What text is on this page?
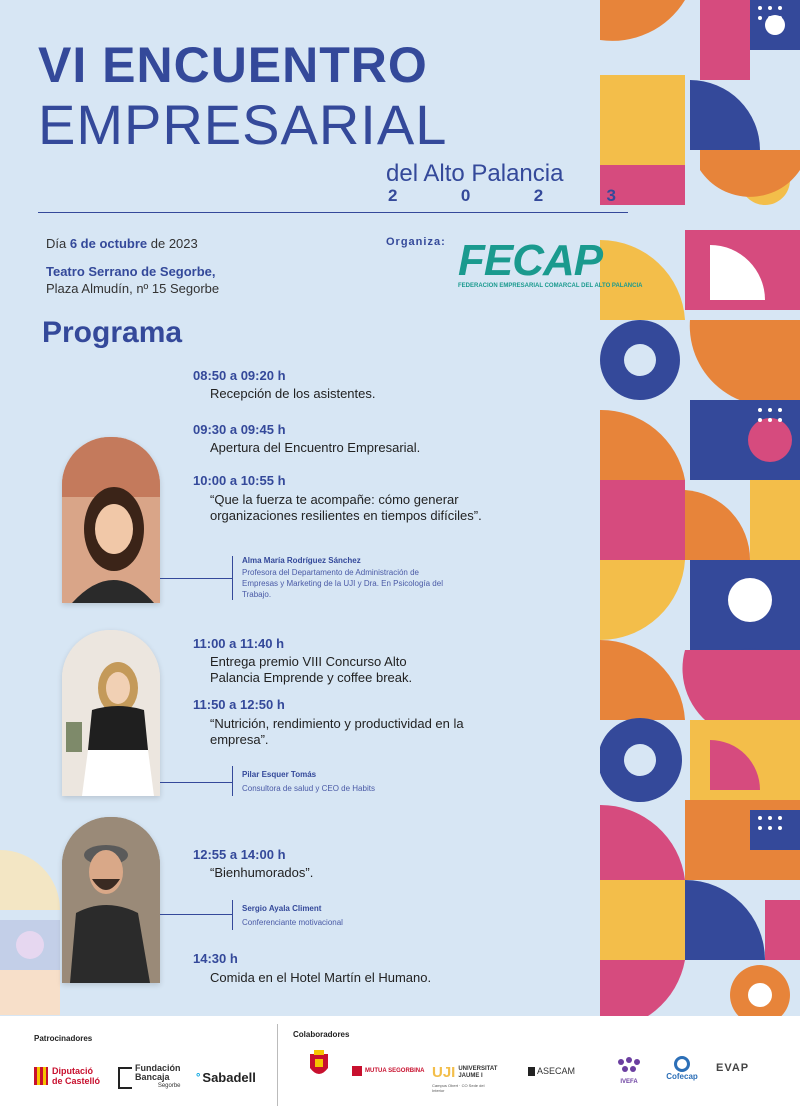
VI ENCUENTRO
EMPRESARIAL
del Alto Palancia
2	0	2	3
Día 6 de octubre de 2023
Teatro Serrano de Segorbe,
Plaza Almudín, nº 15 Segorbe
Organiza: FECAP
FEDERACION EMPRESARIAL COMARCAL DEL ALTO PALANCIA
Programa
08:50 a 09:20 h
Recepción de los asistentes.
09:30 a 09:45 h
Apertura del Encuentro Empresarial.
10:00 a 10:55 h
“Que la fuerza te acompañe: cómo generar organizaciones resilientes en tiempos difíciles”.
11:00 a 11:40 h
Entrega premio VIII Concurso Alto Palancia Emprende y coffee break.
11:50 a 12:50 h
“Nutrición, rendimiento y productividad en la empresa”.
12:55 a 14:00 h
“Bienhumorados”.
14:30 h
Comida en el Hotel Martín el Humano.
Alma María Rodríguez Sánchez
Profesora del Departamento de Administración de Empresas y Marketing de la UJI y Dra. En Psicología del Trabajo.
Pilar Esquer Tomás
Consultora de salud y CEO de Habits
Sergio Ayala Climent
Conferenciante motivacional
Patrocinadores	Colaboradores
Diputació
de Castelló
Fundación
Bancaja
Segorbe
° Sabadell	MUTUA SEGORBINA UJI UNIVERSITAT JAUME I
Campus Obert · CO Sede del Interior
ASECAM
IVEFA
Cofecap
EVAP
